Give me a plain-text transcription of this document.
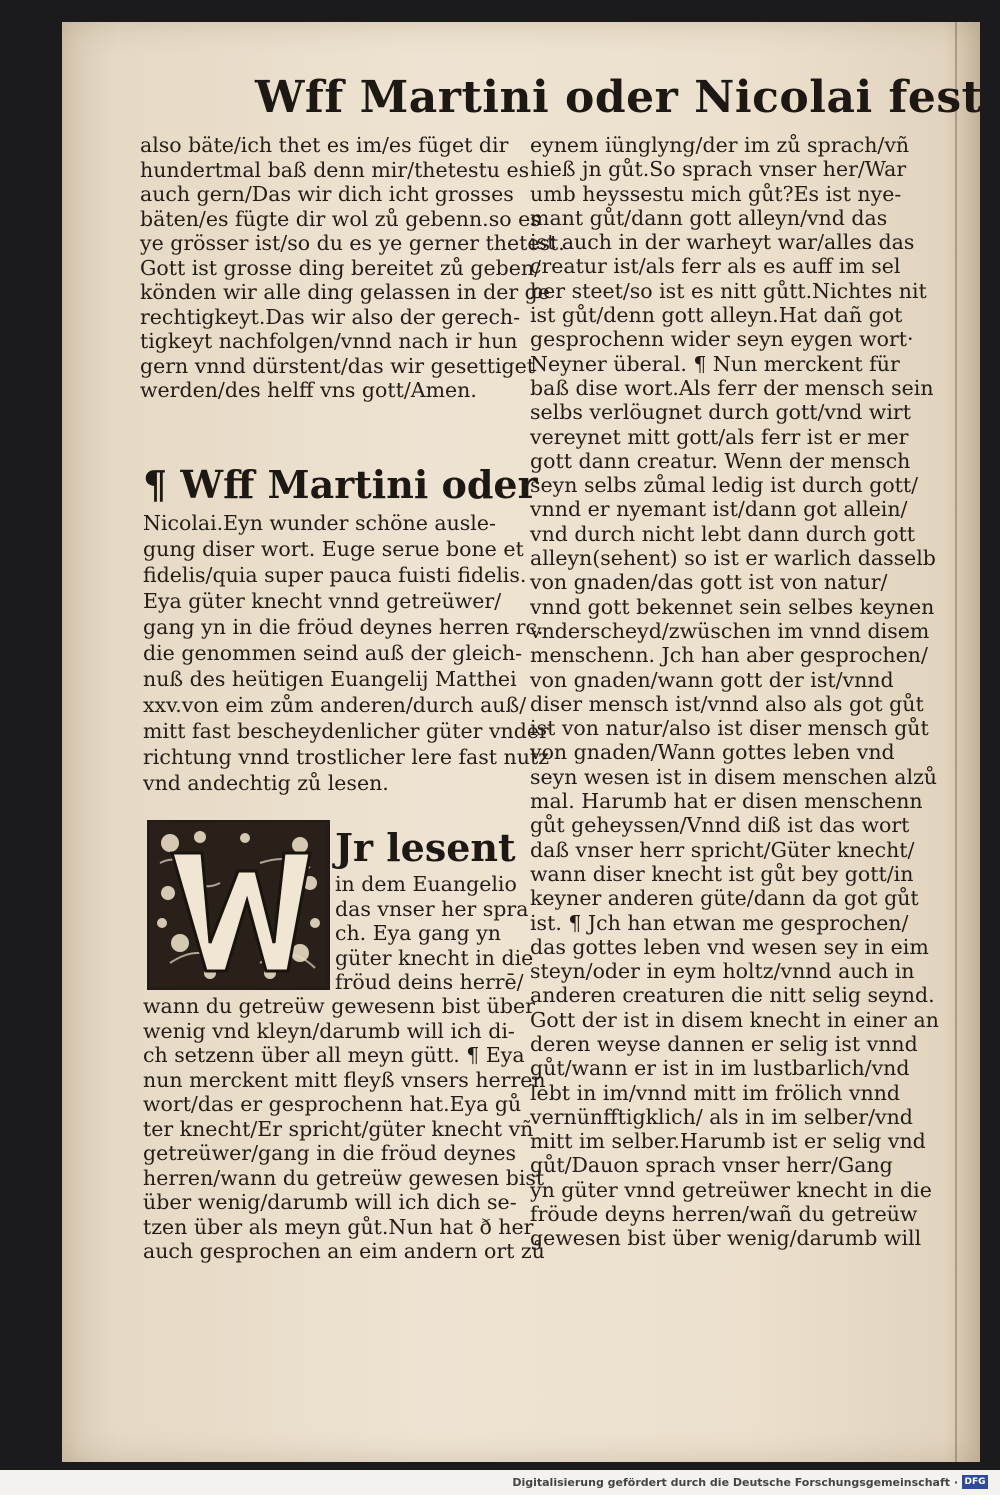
Wff Martini oder Nicolai fest
also bäte/ich thet es im/es füget dir
hundertmal baß denn mir/thetestu es
auch gern/Das wir dich icht grosses
bäten/es fügte dir wol zů gebenn.so es
ye grösser ist/so du es ye gerner thetest.
Gott ist grosse ding bereitet zů geben/
könden wir alle ding gelassen in der ge
rechtigkeyt.Das wir also der gerech-
tigkeyt nachfolgen/vnnd nach ir hun
gern vnnd dürstent/das wir gesettiget
werden/des helff vns gott/Amen.
¶ Wff Martini oder
Nicolai.Eyn wunder schöne ausle-
gung diser wort. Euge serue bone et
fidelis/quia super pauca fuisti fidelis.
Eya güter knecht vnnd getreüwer/
gang yn in die fröud deynes herren rc.
die genommen seind auß der gleich-
nuß des heütigen Euangelij Matthei
xxv.von eim zům anderen/durch auß/
mitt fast bescheydenlicher güter vnder
richtung vnnd trostlicher lere fast nutz
vnd andechtig zů lesen.
Jr lesent
in dem Euangelio
das vnser her spra
ch. Eya gang yn
güter knecht in die
fröud deins herrē/
wann du getreüw gewesenn bist über
wenig vnd kleyn/darumb will ich di-
ch setzenn über all meyn gütt. ¶ Eya
nun merckent mitt fleyß vnsers herren
wort/das er gesprochenn hat.Eya gů
ter knecht/Er spricht/güter knecht vñ
getreüwer/gang in die fröud deynes
herren/wann du getreüw gewesen bist
über wenig/darumb will ich dich se-
tzen über als meyn gůt.Nun hat ð her
auch gesprochen an eim andern ort zů
eynem iünglyng/der im zů sprach/vñ
hieß jn gůt.So sprach vnser her/War
umb heyssestu mich gůt?Es ist nye-
mant gůt/dann gott alleyn/vnd das
ist auch in der warheyt war/alles das
creatur ist/als ferr als es auff im sel
ber steet/so ist es nitt gůtt.Nichtes nit
ist gůt/denn gott alleyn.Hat dañ got
gesprochenn wider seyn eygen wort·
Neyner überal. ¶ Nun merckent für
baß dise wort.Als ferr der mensch sein
selbs verlöugnet durch gott/vnd wirt
vereynet mitt gott/als ferr ist er mer
gott dann creatur. Wenn der mensch
seyn selbs zůmal ledig ist durch gott/
vnnd er nyemant ist/dann got allein/
vnd durch nicht lebt dann durch gott
alleyn(sehent) so ist er warlich dasselb
von gnaden/das gott ist von natur/
vnnd gott bekennet sein selbes keynen
vnderscheyd/zwüschen im vnnd disem
menschenn. Jch han aber gesprochen/
von gnaden/wann gott der ist/vnnd
diser mensch ist/vnnd also als got gůt
ist von natur/also ist diser mensch gůt
von gnaden/Wann gottes leben vnd
seyn wesen ist in disem menschen alzů
mal. Harumb hat er disen menschenn
gůt geheyssen/Vnnd diß ist das wort
daß vnser herr spricht/Güter knecht/
wann diser knecht ist gůt bey gott/in
keyner anderen güte/dann da got gůt
ist. ¶ Jch han etwan me gesprochen/
das gottes leben vnd wesen sey in eim
steyn/oder in eym holtz/vnnd auch in
anderen creaturen die nitt selig seynd.
Gott der ist in disem knecht in einer an
deren weyse dannen er selig ist vnnd
gůt/wann er ist in im lustbarlich/vnd
lebt in im/vnnd mitt im frölich vnnd
vernünfftigklich/ als in im selber/vnd
mitt im selber.Harumb ist er selig vnd
gůt/Dauon sprach vnser herr/Gang
yn güter vnnd getreüwer knecht in die
fröude deyns herren/wañ du getreüw
gewesen bist über wenig/darumb will
Digitalisierung gefördert durch die Deutsche Forschungsgemeinschaft · DFG
